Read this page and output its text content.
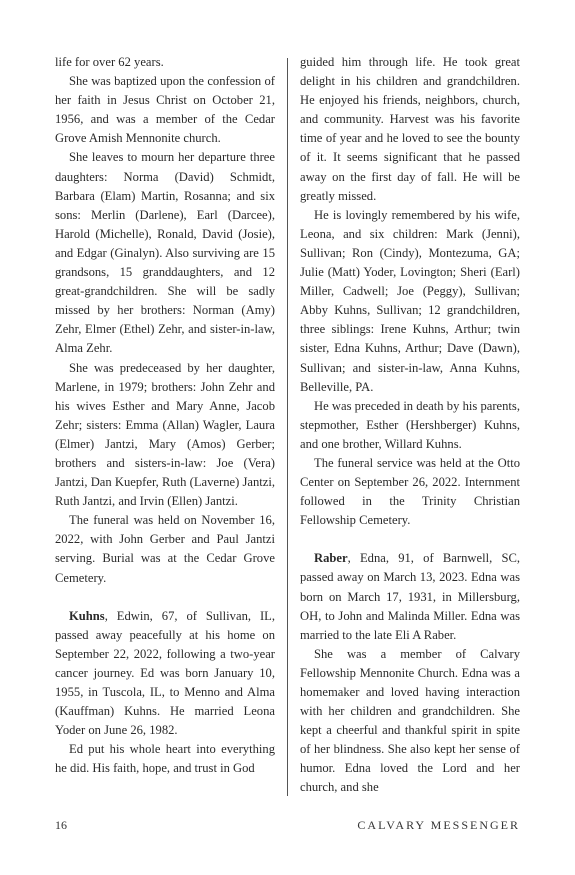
life for over 62 years.

She was baptized upon the confession of her faith in Jesus Christ on October 21, 1956, and was a member of the Cedar Grove Amish Mennonite church.

She leaves to mourn her departure three daughters: Norma (David) Schmidt, Barbara (Elam) Martin, Rosanna; and six sons: Merlin (Darlene), Earl (Darcee), Harold (Michelle), Ronald, David (Josie), and Edgar (Ginalyn). Also surviving are 15 grandsons, 15 granddaughters, and 12 great-grandchildren. She will be sadly missed by her brothers: Norman (Amy) Zehr, Elmer (Ethel) Zehr, and sister-in-law, Alma Zehr.

She was predeceased by her daughter, Marlene, in 1979; brothers: John Zehr and his wives Esther and Mary Anne, Jacob Zehr; sisters: Emma (Allan) Wagler, Laura (Elmer) Jantzi, Mary (Amos) Gerber; brothers and sisters-in-law: Joe (Vera) Jantzi, Dan Kuepfer, Ruth (Laverne) Jantzi, Ruth Jantzi, and Irvin (Ellen) Jantzi.

The funeral was held on November 16, 2022, with John Gerber and Paul Jantzi serving. Burial was at the Cedar Grove Cemetery.

Kuhns, Edwin, 67, of Sullivan, IL, passed away peacefully at his home on September 22, 2022, following a two-year cancer journey. Ed was born January 10, 1955, in Tuscola, IL, to Menno and Alma (Kauffman) Kuhns. He married Leona Yoder on June 26, 1982.

Ed put his whole heart into everything he did. His faith, hope, and trust in God

guided him through life. He took great delight in his children and grandchildren. He enjoyed his friends, neighbors, church, and community. Harvest was his favorite time of year and he loved to see the bounty of it. It seems significant that he passed away on the first day of fall. He will be greatly missed.

He is lovingly remembered by his wife, Leona, and six children: Mark (Jenni), Sullivan; Ron (Cindy), Montezuma, GA; Julie (Matt) Yoder, Lovington; Sheri (Earl) Miller, Cadwell; Joe (Peggy), Sullivan; Abby Kuhns, Sullivan; 12 grandchildren, three siblings: Irene Kuhns, Arthur; twin sister, Edna Kuhns, Arthur; Dave (Dawn), Sullivan; and sister-in-law, Anna Kuhns, Belleville, PA.

He was preceded in death by his parents, stepmother, Esther (Hershberger) Kuhns, and one brother, Willard Kuhns.

The funeral service was held at the Otto Center on September 26, 2022. Internment followed in the Trinity Christian Fellowship Cemetery.

Raber, Edna, 91, of Barnwell, SC, passed away on March 13, 2023. Edna was born on March 17, 1931, in Millersburg, OH, to John and Malinda Miller. Edna was married to the late Eli A Raber.

She was a member of Calvary Fellowship Mennonite Church. Edna was a homemaker and loved having interaction with her children and grandchildren. She kept a cheerful and thankful spirit in spite of her blindness. She also kept her sense of humor. Edna loved the Lord and her church, and she

16	CALVARY MESSENGER
